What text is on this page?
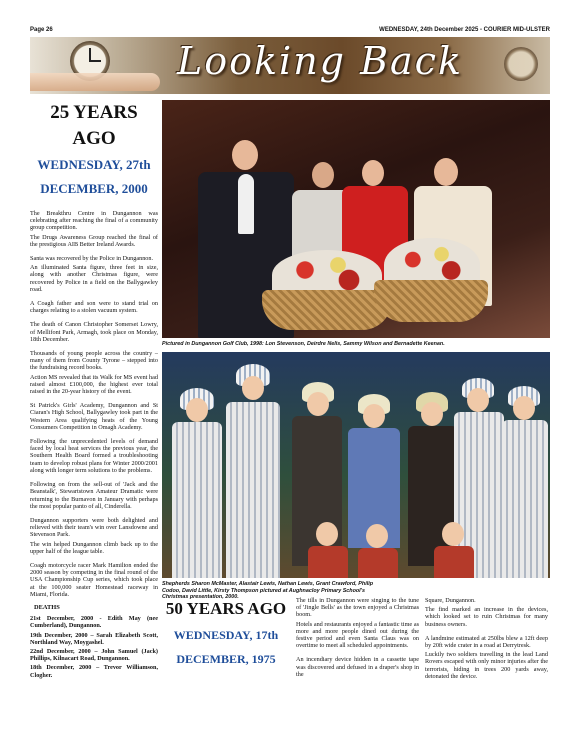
Page 26	WEDNESDAY, 24th December 2025 - COURIER MID-ULSTER
Looking Back
25 YEARS AGO
WEDNESDAY, 27th
DECEMBER, 2000

The Breakthru Centre in Dungannon was celebrating after reaching the final of a community group competition.

The Drugs Awareness Group reached the final of the prestigious AIB Better Ireland Awards.

Santa was recovered by the Police in Dungannon.

An illuminated Santa figure, three feet in size, along with another Christmas figure, were recovered by Police in a field on the Ballygawley road.

A Coagh father and son were to stand trial on charges relating to a stolen vacuum system.

The death of Canon Christopher Somerset Lowry, of Mellifont Park, Armagh, took place on Monday, 18th December.

Thousands of young people across the country – many of them from County Tyrone – stepped into the fundraising record books.

Action MS revealed that its Walk for MS event had raised almost £100,000, the highest ever total raised in the 20-year history of the event.

St Patrick's Girls' Academy, Dungannon and St Ciaran's High School, Ballygawley took part in the Western Area qualifying heats of the Young Consumers Competition in Omagh Academy.

Following the unprecedented levels of demand faced by local heat services the previous year, the Southern Health Board formed a troubleshooting team to develop robust plans for Winter 2000/2001 along with longer term solutions to the problems.

Following on from the sell-out of 'Jack and the Beanstalk', Stewartstown Amateur Dramatic were returning to the Burnavon in January with perhaps the most popular panto of all, Cinderella.

Dungannon supporters were both delighted and relieved with their team's win over Lansdowne and Stevenson Park.

The win helped Dungannon climb back up to the upper half of the league table.

Coagh motorcycle racer Mark Hamilton ended the 2000 season by competing in the final round of the USA Championship Cup series, which took place at the 100,000 seater Homestead raceway in Miami, Florida.

DEATHS

21st December, 2000 - Edith May (nee Cumberland), Dungannon.

19th December, 2000 – Sarah Elizabeth Scott, Northland Way, Moygashel.

22nd December, 2000 – John Samuel (Jack) Phillips, Kilnacart Road, Dungannon.

18th December, 2000 – Trevor Williamson, Clogher.

Pictured in Dungannon Golf Club, 1998: Lon Stevenson, Deirdre Nelis, Sammy Wilson and Bernadette Keenan.
Shepherds Sharon McMaster, Alastair Lewis, Nathan Lewis, Grant Crawford, Philip Codoo, David Little, Kirsty Thompson pictured at Aughnacloy Primary School's Christmas presentation, 2000.
50 YEARS AGO
WEDNESDAY, 17th
DECEMBER, 1975

The tills in Dungannon were singing to the tune of 'Jingle Bells' as the town enjoyed a Christmas boom.

Hotels and restaurants enjoyed a fantastic time as more and more people dined out during the festive period and even Santa Claus was on overtime to meet all scheduled appointments.

An incendiary device hidden in a cassette tape was discovered and defused in a draper's shop in the

Square, Dungannon.

The find marked an increase in the devices, which looked set to ruin Christmas for many business owners.

A landmine estimated at 250lbs blew a 12ft deep by 20ft wide crater in a road at Derrytresk.

Luckily two soldiers travelling in the lead Land Rovers escaped with only minor injuries after the terrorists, hiding in trees 200 yards away, detonated the device.
